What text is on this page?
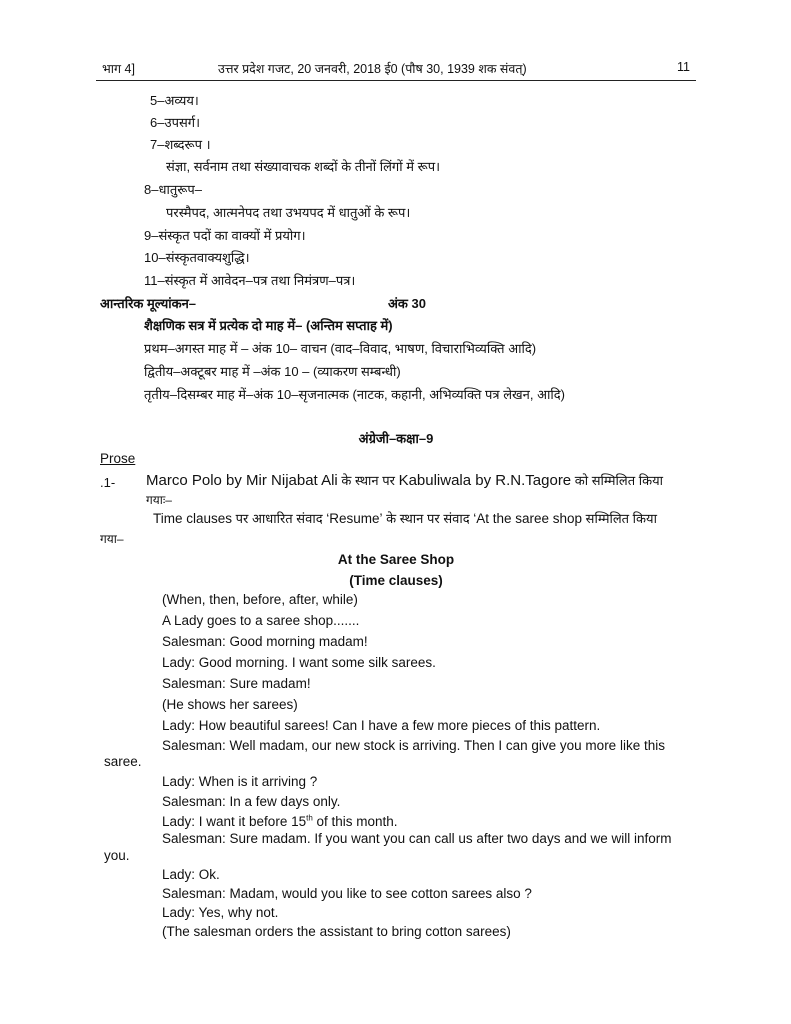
भाग 4]	उत्तर प्रदेश गजट, 20 जनवरी, 2018 ई0 (पौष 30, 1939 शक संवत्)	11
5–अव्यय।
6–उपसर्ग।
7–शब्दरूप ।
संज्ञा, सर्वनाम तथा संख्यावाचक शब्दों के तीनों लिंगों में रूप।
8–धातुरूप–
परस्मैपद, आत्मनेपद तथा उभयपद में धातुओं के रूप।
9–संस्कृत पदों का वाक्यों में प्रयोग।
10–संस्कृतवाक्यशुद्धि।
11–संस्कृत में आवेदन–पत्र तथा निमंत्रण–पत्र।
आन्तरिक मूल्यांकन–	अंक 30
शैक्षणिक सत्र में प्रत्येक दो माह में– (अन्तिम सप्ताह में)
प्रथम–अगस्त माह में – अंक 10– वाचन (वाद–विवाद, भाषण, विचाराभिव्यक्ति आदि)
द्वितीय–अक्टूबर माह में –अंक 10 – (व्याकरण सम्बन्धी)
तृतीय–दिसम्बर माह में–अंक 10–सृजनात्मक (नाटक, कहानी, अभिव्यक्ति पत्र लेखन, आदि)
अंग्रेजी–कक्षा–9
Prose
.1- Marco Polo by Mir Nijabat Ali के स्थान पर Kabuliwala by R.N.Tagore को सम्मिलित किया
गयाः–
Time clauses पर आधारित संवाद ‘Resume’ के स्थान पर संवाद ‘At the saree shop सम्मिलित किया
गया–
At the Saree Shop
(Time clauses)
(When, then, before, after, while)
A Lady goes to a saree shop.......
Salesman: Good morning madam!
Lady: Good morning. I want some silk sarees.
Salesman: Sure madam!
(He shows her sarees)
Lady: How beautiful sarees! Can I have a few more pieces of this pattern.
Salesman: Well madam, our new stock is arriving. Then I can give you more like this
saree.
Lady: When is it arriving ?
Salesman: In a few days only.
Lady: I want it before 15th of this month.
Salesman: Sure madam. If you want you can call us after two days and we will inform
you.
Lady: Ok.
Salesman: Madam, would you like to see cotton sarees also ?
Lady: Yes, why not.
(The salesman orders the assistant to bring cotton sarees)
